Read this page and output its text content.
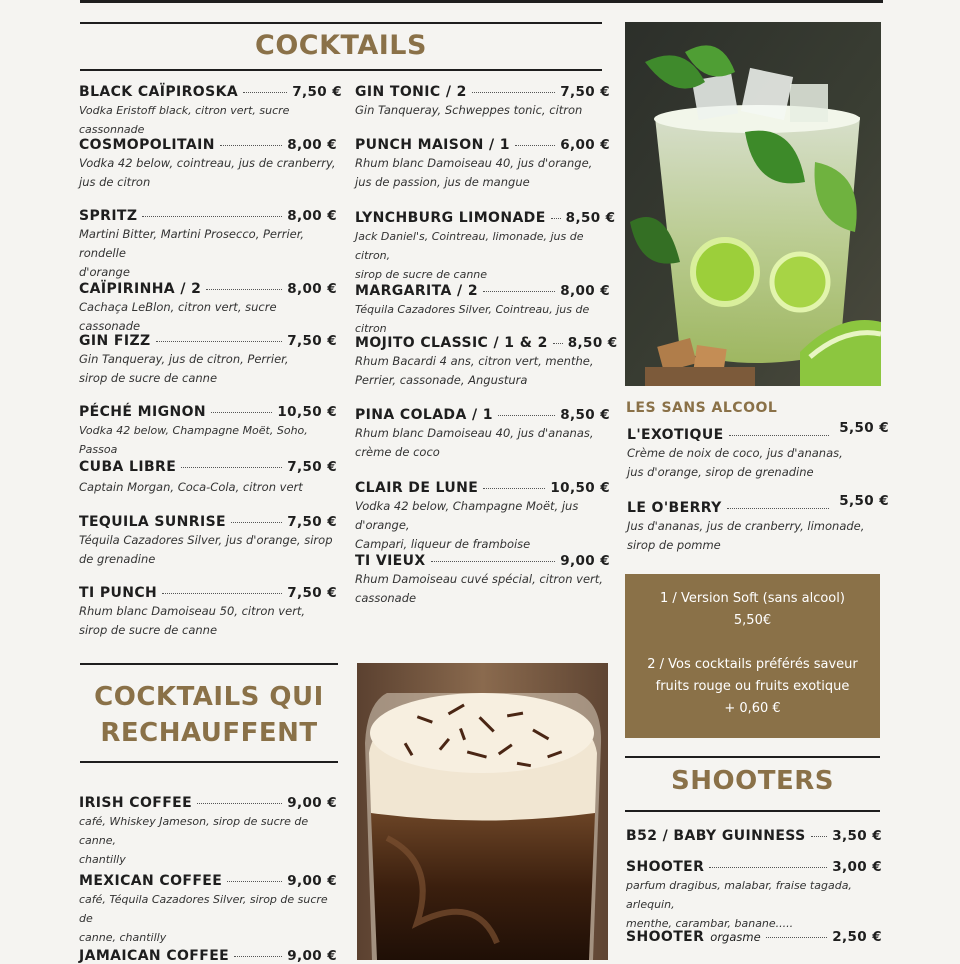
COCKTAILS
BLACK CAÏPIROSKA	7,50 €
Vodka Eristoff black, citron vert, sucre cassonnade
COSMOPOLITAIN	8,00 €
Vodka 42 below, cointreau, jus de cranberry,
jus de citron
SPRITZ	8,00 €
Martini Bitter, Martini Prosecco, Perrier, rondelle
d'orange
CAÏPIRINHA / 2	8,00 €
Cachaça LeBlon, citron vert, sucre cassonade
GIN FIZZ	7,50 €
Gin Tanqueray, jus de citron, Perrier,
sirop de sucre de canne
PÉCHÉ MIGNON	10,50 €
Vodka 42 below, Champagne Moët, Soho, Passoa
CUBA LIBRE	7,50 €
Captain Morgan, Coca-Cola, citron vert
TEQUILA SUNRISE	7,50 €
Téquila Cazadores Silver, jus d'orange, sirop
de grenadine
TI PUNCH	7,50 €
Rhum blanc Damoiseau 50, citron vert,
sirop de sucre de canne
GIN TONIC / 2	7,50 €
Gin Tanqueray, Schweppes tonic, citron
PUNCH MAISON / 1	6,00 €
Rhum blanc Damoiseau 40, jus d'orange,
jus de passion, jus de mangue
LYNCHBURG LIMONADE 8,50 €
Jack Daniel's, Cointreau, limonade, jus de citron,
sirop de sucre de canne
MARGARITA / 2	8,00 €
Téquila Cazadores Silver, Cointreau, jus de citron
MOJITO CLASSIC / 1 & 2 8,50 €
Rhum Bacardi 4 ans, citron vert, menthe,
Perrier, cassonade, Angustura
PINA COLADA / 1	8,50 €
Rhum blanc Damoiseau 40, jus d'ananas,
crème de coco
CLAIR DE LUNE	10,50 €
Vodka 42 below, Champagne Moët, jus d'orange,
Campari, liqueur de framboise
TI VIEUX	9,00 €
Rhum Damoiseau cuvé spécial, citron vert,
cassonade
LES SANS ALCOOL
L'EXOTIQUE	5,50 €
Crème de noix de coco, jus d'ananas,
jus d'orange, sirop de grenadine
LE O'BERRY	5,50 €
Jus d'ananas, jus de cranberry, limonade,
sirop de pomme
1 / Version Soft (sans alcool)
5,50€
2 / Vos cocktails préférés saveur
fruits rouge ou fruits exotique
+ 0,60 €
COCKTAILS QUI
RECHAUFFENT
IRISH COFFEE	9,00 €
café, Whiskey Jameson, sirop de sucre de canne,
chantilly
MEXICAN COFFEE	9,00 €
café, Téquila Cazadores Silver, sirop de sucre de
canne, chantilly
JAMAICAN COFFEE	9,00 €
SHOOTERS
B52 / BABY GUINNESS 3,50 €
SHOOTER	3,00 €
parfum dragibus, malabar, fraise tagada, arlequin,
menthe, carambar, banane.....
SHOOTER orgasme	2,50 €
